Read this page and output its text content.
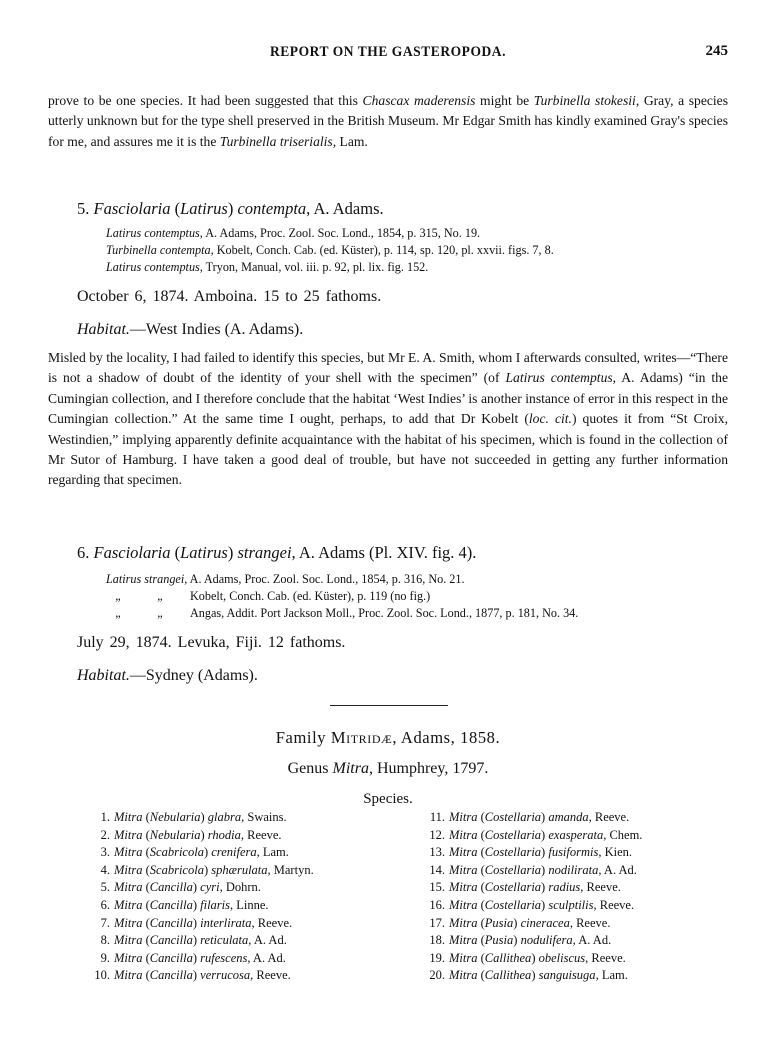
REPORT ON THE GASTEROPODA.	245

prove to be one species. It had been suggested that this Chascax maderensis might be Turbinella stokesii, Gray, a species utterly unknown but for the type shell preserved in the British Museum. Mr Edgar Smith has kindly examined Gray's species for me, and assures me it is the Turbinella triserialis, Lam.

5. Fasciolaria (Latirus) contempta, A. Adams.
Latirus contemptus, A. Adams, Proc. Zool. Soc. Lond., 1854, p. 315, No. 19.
Turbinella contempta, Kobelt, Conch. Cab. (ed. Küster), p. 114, sp. 120, pl. xxvii. figs. 7, 8.
Latirus contemptus, Tryon, Manual, vol. iii. p. 92, pl. lix. fig. 152.
October 6, 1874. Amboina. 15 to 25 fathoms.
Habitat.—West Indies (A. Adams).

Misled by the locality, I had failed to identify this species, but Mr E. A. Smith, whom I afterwards consulted, writes—“There is not a shadow of doubt of the identity of your shell with the specimen” (of Latirus contemptus, A. Adams) “in the Cumingian collection, and I therefore conclude that the habitat ‘West Indies’ is another instance of error in this respect in the Cumingian collection.” At the same time I ought, perhaps, to add that Dr Kobelt (loc. cit.) quotes it from “St Croix, Westindien,” implying apparently definite acquaintance with the habitat of his specimen, which is found in the collection of Mr Sutor of Hamburg. I have taken a good deal of trouble, but have not succeeded in getting any further information regarding that specimen.

6. Fasciolaria (Latirus) strangei, A. Adams (Pl. XIV. fig. 4).
Latirus strangei, A. Adams, Proc. Zool. Soc. Lond., 1854, p. 316, No. 21.
„	„ Kobelt, Conch. Cab. (ed. Küster), p. 119 (no fig.)
„	„ Angas, Addit. Port Jackson Moll., Proc. Zool. Soc. Lond., 1877, p. 181, No. 34.
July 29, 1874. Levuka, Fiji. 12 fathoms.
Habitat.—Sydney (Adams).
Family Mitridæ, Adams, 1858.
Genus Mitra, Humphrey, 1797.
Species.
1. Mitra (Nebularia) glabra, Swains.
2. Mitra (Nebularia) rhodia, Reeve.
3. Mitra (Scabricola) crenifera, Lam.
4. Mitra (Scabricola) sphærulata, Martyn.
5. Mitra (Cancilla) cyri, Dohrn.
6. Mitra (Cancilla) filaris, Linne.
7. Mitra (Cancilla) interlirata, Reeve.
8. Mitra (Cancilla) reticulata, A. Ad.
9. Mitra (Cancilla) rufescens, A. Ad.
10. Mitra (Cancilla) verrucosa, Reeve.
11. Mitra (Costellaria) amanda, Reeve.
12. Mitra (Costellaria) exasperata, Chem.
13. Mitra (Costellaria) fusiformis, Kien.
14. Mitra (Costellaria) nodilirata, A. Ad.
15. Mitra (Costellaria) radius, Reeve.
16. Mitra (Costellaria) sculptilis, Reeve.
17. Mitra (Pusia) cineracea, Reeve.
18. Mitra (Pusia) nodulifera, A. Ad.
19. Mitra (Callithea) obeliscus, Reeve.
20. Mitra (Callithea) sanguisuga, Lam.
